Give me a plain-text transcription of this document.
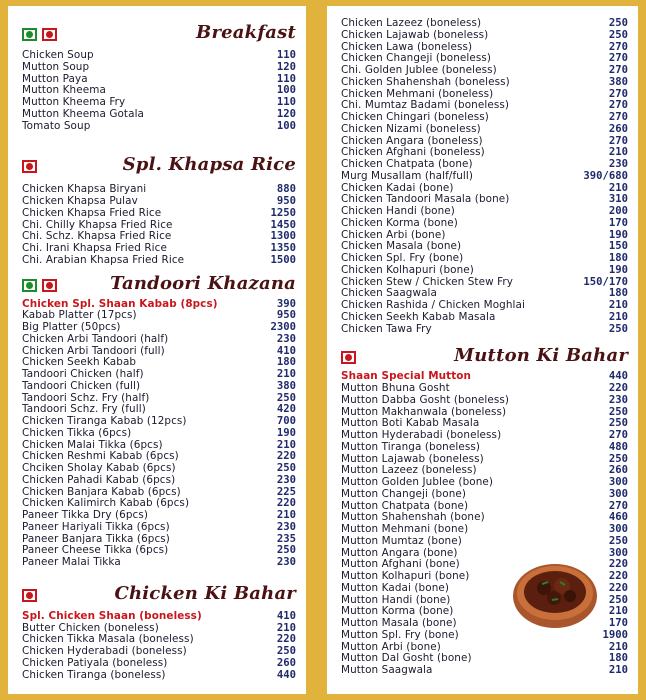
Breakfast
Chicken Soup	110
Mutton Soup	120
Mutton Paya	110
Mutton Kheema	100
Mutton Kheema Fry	110
Mutton Kheema Gotala	120
Tomato Soup	100
Spl. Khapsa Rice
Chicken Khapsa Biryani	880
Chicken Khapsa Pulav	950
Chicken Khapsa Fried Rice	1250
Chi. Chilly Khapsa Fried Rice	1450
Chi. Schz. Khapsa Fried Rice	1300
Chi. Irani Khapsa Fried Rice	1350
Chi. Arabian Khapsa Fried Rice	1500
Tandoori Khazana
Chicken Spl. Shaan Kabab (8pcs)	390
Kabab Platter (17pcs)	950
Big Platter (50pcs)	2300
Chicken Arbi Tandoori (half)	230
Chicken Arbi Tandoori (full)	410
Chicken Seekh Kabab	180
Tandoori Chicken (half)	210
Tandoori Chicken (full)	380
Tandoori Schz. Fry (half)	250
Tandoori Schz. Fry (full)	420
Chicken Tiranga Kabab (12pcs)	700
Chicken Tikka (6pcs)	190
Chicken Malai Tikka (6pcs)	210
Chicken Reshmi Kabab (6pcs)	220
Chciken Sholay Kabab (6pcs)	250
Chicken Pahadi Kabab (6pcs)	230
Chicken Banjara Kabab (6pcs)	225
Chicken Kalimirch Kabab (6pcs)	220
Paneer Tikka Dry (6pcs)	210
Paneer Hariyali Tikka (6pcs)	230
Paneer Banjara Tikka (6pcs)	235
Paneer Cheese Tikka (6pcs)	250
Paneer Malai Tikka	230
Chicken Ki Bahar
Spl. Chicken Shaan (boneless)	410
Butter Chicken (boneless)	210
Chicken Tikka Masala (boneless)	220
Chicken Hyderabadi (boneless)	250
Chicken Patiyala (boneless)	260
Chicken Tiranga (boneless)	440
Chicken Lazeez (boneless)	250
Chicken Lajawab (boneless)	250
Chicken Lawa (boneless)	270
Chicken Changeji (boneless)	270
Chi. Golden Jublee (boneless)	270
Chicken Shahenshah (boneless)	380
Chicken Mehmani (boneless)	270
Chi. Mumtaz Badami (boneless)	270
Chicken Chingari (boneless)	270
Chicken Nizami (boneless)	260
Chicken Angara (boneless)	270
Chicken Afghani (boneless)	210
Chicken Chatpata (bone)	230
Murg Musallam (half/full)	390/680
Chicken Kadai (bone)	210
Chicken Tandoori Masala (bone)	310
Chicken Handi (bone)	200
Chicken Korma (bone)	170
Chicken Arbi (bone)	190
Chicken Masala (bone)	150
Chicken Spl. Fry (bone)	180
Chicken Kolhapuri (bone)	190
Chicken Stew / Chicken Stew Fry	150/170
Chicken Saagwala	180
Chicken Rashida / Chicken Moghlai	210
Chicken Seekh Kabab Masala	210
Chicken Tawa Fry	250
Mutton Ki Bahar
Shaan Special Mutton	440
Mutton Bhuna Gosht	220
Mutton Dabba Gosht (boneless)	230
Mutton Makhanwala (boneless)	250
Mutton Boti Kabab Masala	250
Mutton Hyderabadi (boneless)	270
Mutton Tiranga (boneless)	480
Mutton Lajawab (boneless)	250
Mutton Lazeez (boneless)	260
Mutton Golden Jublee (bone)	300
Mutton Changeji (bone)	300
Mutton Chatpata (bone)	270
Mutton Shahenshah (bone)	460
Mutton Mehmani (bone)	300
Mutton Mumtaz (bone)	250
Mutton Angara (bone)	300
Mutton Afghani (bone)	220
Mutton Kolhapuri (bone)	220
Mutton Kadai (bone)	220
Mutton Handi (bone)	250
Mutton Korma (bone)	210
Mutton Masala (bone)	170
Mutton Spl. Fry (bone)	1900
Mutton Arbi (bone)	210
Mutton Dal Gosht (bone)	180
Mutton Saagwala	210
